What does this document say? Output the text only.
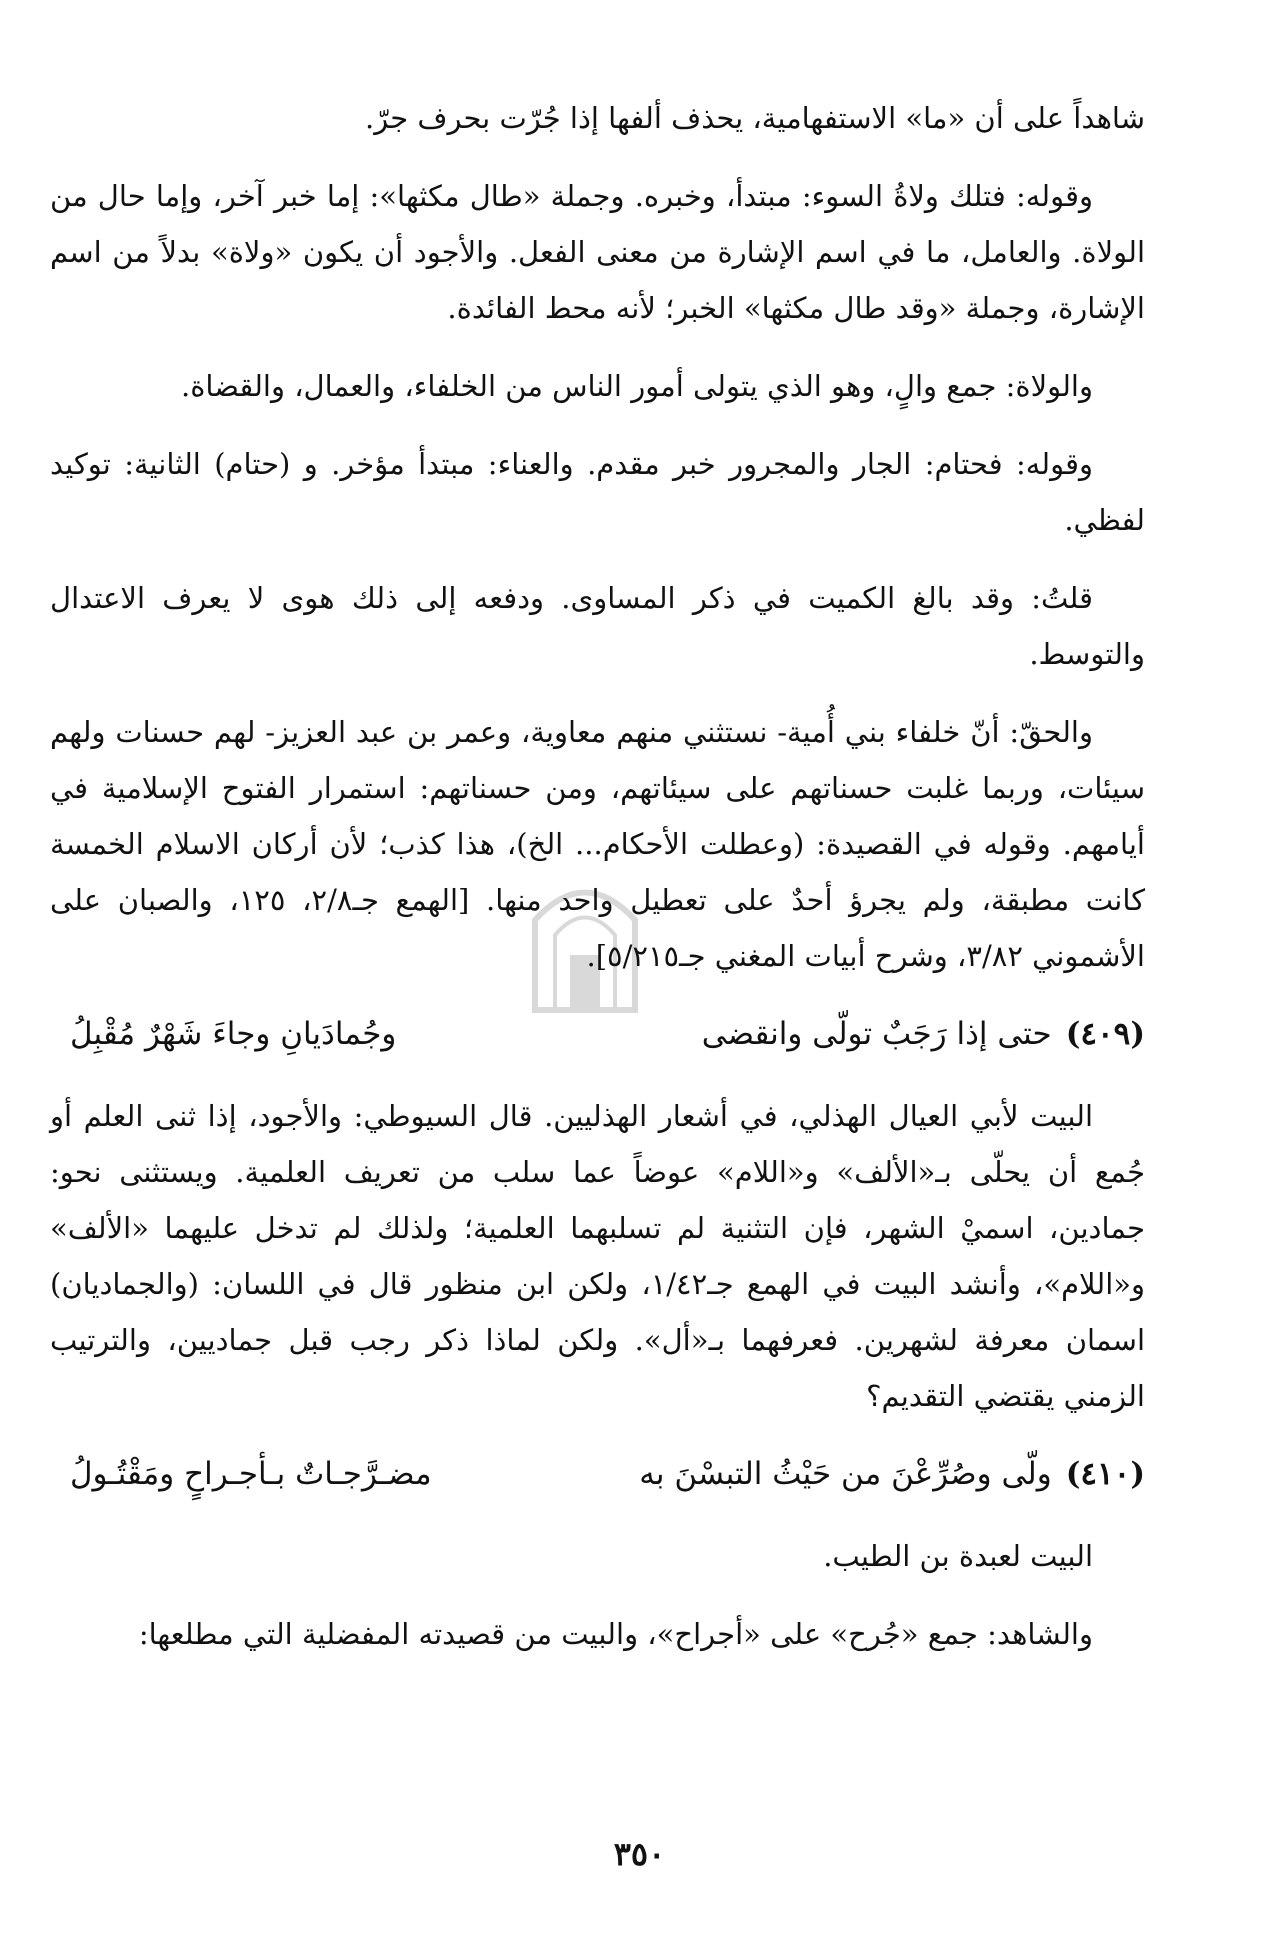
شاهداً على أن «ما» الاستفهامية، يحذف ألفها إذا جُرّت بحرف جرّ.

وقوله: فتلك ولاةُ السوء: مبتدأ، وخبره. وجملة «طال مكثها»: إما خبر آخر، وإما حال من الولاة. والعامل، ما في اسم الإشارة من معنى الفعل. والأجود أن يكون «ولاة» بدلاً من اسم الإشارة، وجملة «وقد طال مكثها» الخبر؛ لأنه محط الفائدة.

والولاة: جمع والٍ، وهو الذي يتولى أمور الناس من الخلفاء، والعمال، والقضاة.

وقوله: فحتام: الجار والمجرور خبر مقدم. والعناء: مبتدأ مؤخر. و (حتام) الثانية: توكيد لفظي.

قلتُ: وقد بالغ الكميت في ذكر المساوى. ودفعه إلى ذلك هوى لا يعرف الاعتدال والتوسط.

والحقّ: أنّ خلفاء بني أُمية- نستثني منهم معاوية، وعمر بن عبد العزيز- لهم حسنات ولهم سيئات، وربما غلبت حسناتهم على سيئاتهم، ومن حسناتهم: استمرار الفتوح الإسلامية في أيامهم. وقوله في القصيدة: (وعطلت الأحكام... الخ)، هذا كذب؛ لأن أركان الاسلام الخمسة كانت مطبقة، ولم يجرؤ أحدٌ على تعطيل واحد منها. [الهمع جـ٢/٨، ١٢٥، والصبان على الأشموني ٣/٨٢، وشرح أبيات المغني جـ٥/٢١٥].

(٤٠٩)
حتى إذا رَجَبٌ تولّى وانقضى
وجُمادَيانِ وجاءَ شَهْرٌ مُقْبِلُ

البيت لأبي العيال الهذلي، في أشعار الهذليين. قال السيوطي: والأجود، إذا ثنى العلم أو جُمع أن يحلّى بـ«الألف» و«اللام» عوضاً عما سلب من تعريف العلمية. ويستثنى نحو: جمادين، اسميْ الشهر، فإن التثنية لم تسلبهما العلمية؛ ولذلك لم تدخل عليهما «الألف» و«اللام»، وأنشد البيت في الهمع جـ١/٤٢، ولكن ابن منظور قال في اللسان: (والجماديان) اسمان معرفة لشهرين. فعرفهما بـ«أل». ولكن لماذا ذكر رجب قبل جماديين، والترتيب الزمني يقتضي التقديم؟

(٤١٠)
ولّى وصُرِّعْنَ من حَيْثُ التبسْنَ به
مضـرَّجـاتٌ بـأجـراحٍ ومَقْتُـولُ

البيت لعبدة بن الطيب.

والشاهد: جمع «جُرح» على «أجراح»، والبيت من قصيدته المفضلية التي مطلعها:

٣٥٠
